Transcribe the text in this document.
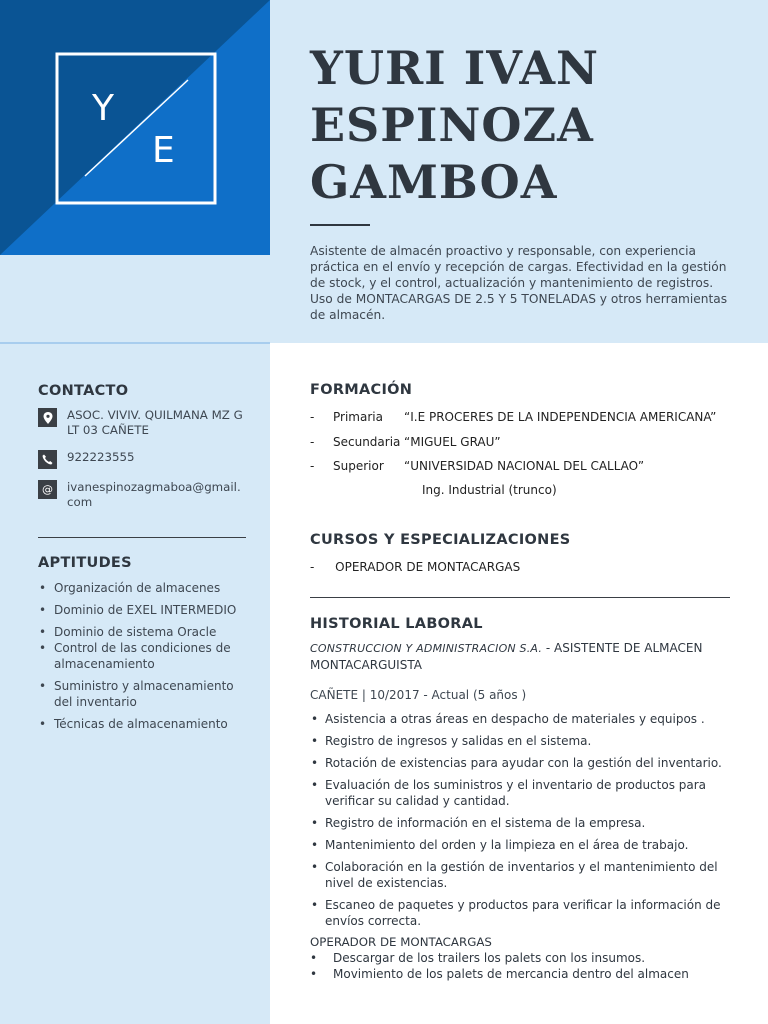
Y
E
YURI IVAN
ESPINOZA
GAMBOA

Asistente de almacén proactivo y responsable, con experiencia práctica en el envío y recepción de cargas. Efectividad en la gestión de stock, y el control, actualización y mantenimiento de registros. Uso de MONTACARGAS DE 2.5 Y 5 TONELADAS y otros herramientas de almacén.

CONTACTO
ASOC. VIVIV. QUILMANA MZ G LT 03 CAÑETE
922223555
@	ivanespinozagmaboa@gmail.com
APTITUDES
• Organización de almacenes
• Dominio de EXEL INTERMEDIO
• Dominio de sistema Oracle
• Control de las condiciones de almacenamiento
• Suministro y almacenamiento del inventario
• Técnicas de almacenamiento
FORMACIÓN
- Primaria “I.E PROCERES DE LA INDEPENDENCIA AMERICANA”
- Secundaria “MIGUEL GRAU”
- Superior “UNIVERSIDAD NACIONAL DEL CALLAO”
Ing. Industrial (trunco)
CURSOS Y ESPECIALIZACIONES
- OPERADOR DE MONTACARGAS
HISTORIAL LABORAL

CONSTRUCCION Y ADMINISTRACION S.A. - ASISTENTE DE ALMACEN MONTACARGUISTA

CAÑETE | 10/2017 - Actual (5 años )

• Asistencia a otras áreas en despacho de materiales y equipos .
• Registro de ingresos y salidas en el sistema.
• Rotación de existencias para ayudar con la gestión del inventario.
• Evaluación de los suministros y el inventario de productos para verificar su calidad y cantidad.
• Registro de información en el sistema de la empresa.
• Mantenimiento del orden y la limpieza en el área de trabajo.
• Colaboración en la gestión de inventarios y el mantenimiento del nivel de existencias.
• Escaneo de paquetes y productos para verificar la información de envíos correcta.

OPERADOR DE MONTACARGAS

• Descargar de los trailers los palets con los insumos.
• Movimiento de los palets de mercancia dentro del almacen
